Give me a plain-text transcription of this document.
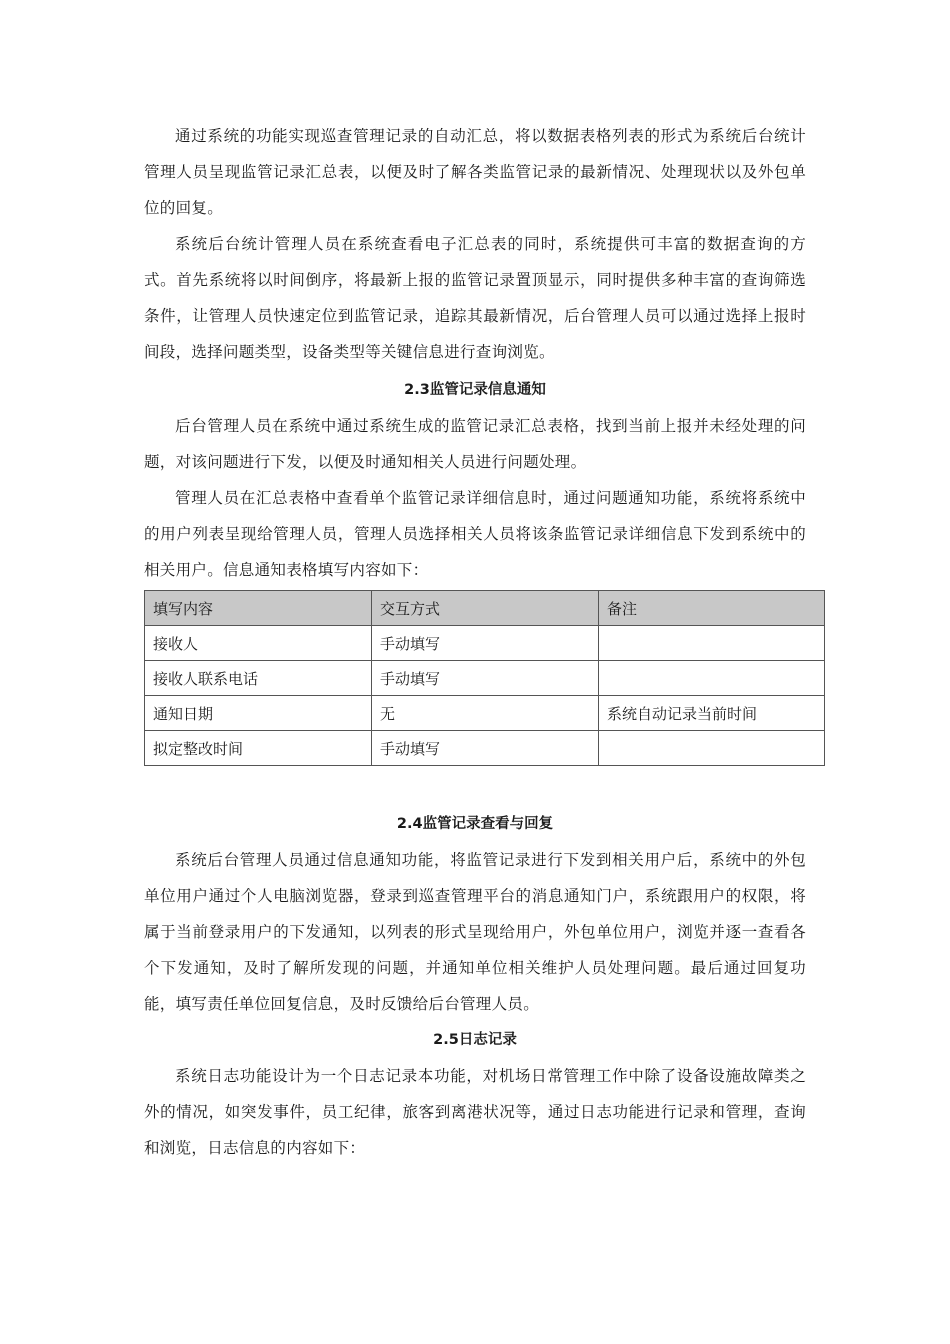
通过系统的功能实现巡查管理记录的自动汇总，将以数据表格列表的形式为系统后台统计管理人员呈现监管记录汇总表，以便及时了解各类监管记录的最新情况、处理现状以及外包单位的回复。

系统后台统计管理人员在系统查看电子汇总表的同时，系统提供可丰富的数据查询的方式。首先系统将以时间倒序，将最新上报的监管记录置顶显示，同时提供多种丰富的查询筛选条件，让管理人员快速定位到监管记录，追踪其最新情况，后台管理人员可以通过选择上报时间段，选择问题类型，设备类型等关键信息进行查询浏览。

2.3监管记录信息通知

后台管理人员在系统中通过系统生成的监管记录汇总表格，找到当前上报并未经处理的问题，对该问题进行下发，以便及时通知相关人员进行问题处理。

管理人员在汇总表格中查看单个监管记录详细信息时，通过问题通知功能，系统将系统中的用户列表呈现给管理人员，管理人员选择相关人员将该条监管记录详细信息下发到系统中的相关用户。信息通知表格填写内容如下：

填写内容	交互方式	备注
接收人	手动填写	
接收人联系电话	手动填写	
通知日期	无	系统自动记录当前时间
拟定整改时间	手动填写	

2.4监管记录查看与回复

系统后台管理人员通过信息通知功能，将监管记录进行下发到相关用户后，系统中的外包单位用户通过个人电脑浏览器，登录到巡查管理平台的消息通知门户，系统跟用户的权限，将属于当前登录用户的下发通知，以列表的形式呈现给用户，外包单位用户，浏览并逐一查看各个下发通知，及时了解所发现的问题，并通知单位相关维护人员处理问题。最后通过回复功能，填写责任单位回复信息，及时反馈给后台管理人员。

2.5日志记录

系统日志功能设计为一个日志记录本功能，对机场日常管理工作中除了设备设施故障类之外的情况，如突发事件，员工纪律，旅客到离港状况等，通过日志功能进行记录和管理，查询和浏览，日志信息的内容如下：
